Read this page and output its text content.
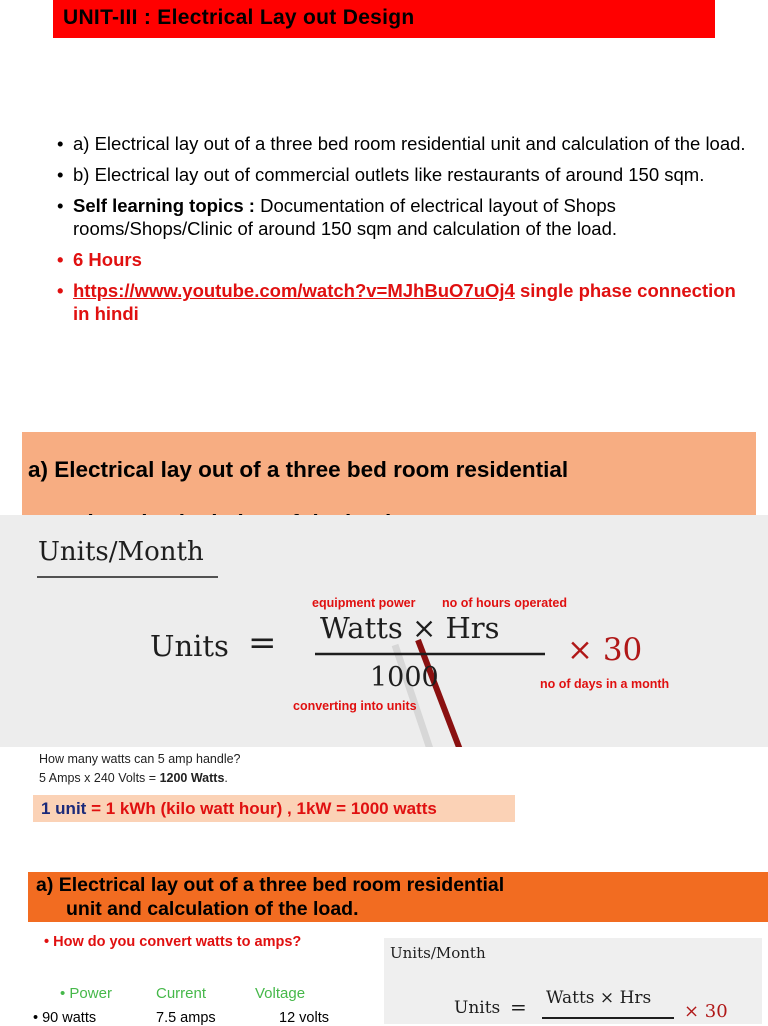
UNIT-III : Electrical Lay out Design
• a) Electrical lay out of a three bed room residential unit and calculation of the load.
• b) Electrical lay out of commercial outlets like restaurants of around 150 sqm.
• Self learning topics : Documentation of electrical layout of Shops rooms/Shops/Clinic of around 150 sqm and calculation of the load.
• 6 Hours
• https://www.youtube.com/watch?v=MJhBuO7uOj4 single phase connection in hindi
a) Electrical lay out of a three bed room residential
Units/Month
equipment power no of hours operated
Units = Watts × Hrs
1000
× 30
no of days in a month
converting into units
How many watts can 5 amp handle?
5 Amps x 240 Volts = 1200 Watts.
1 unit = 1 kWh (kilo watt hour) , 1kW = 1000 watts
a) Electrical lay out of a three bed room residential
unit and calculation of the load.
• How do you convert watts to amps?
• Power	Current	Voltage
• 90 watts	7.5 amps	12 volts
Units/Month
Units = Watts × Hrs
× 30
